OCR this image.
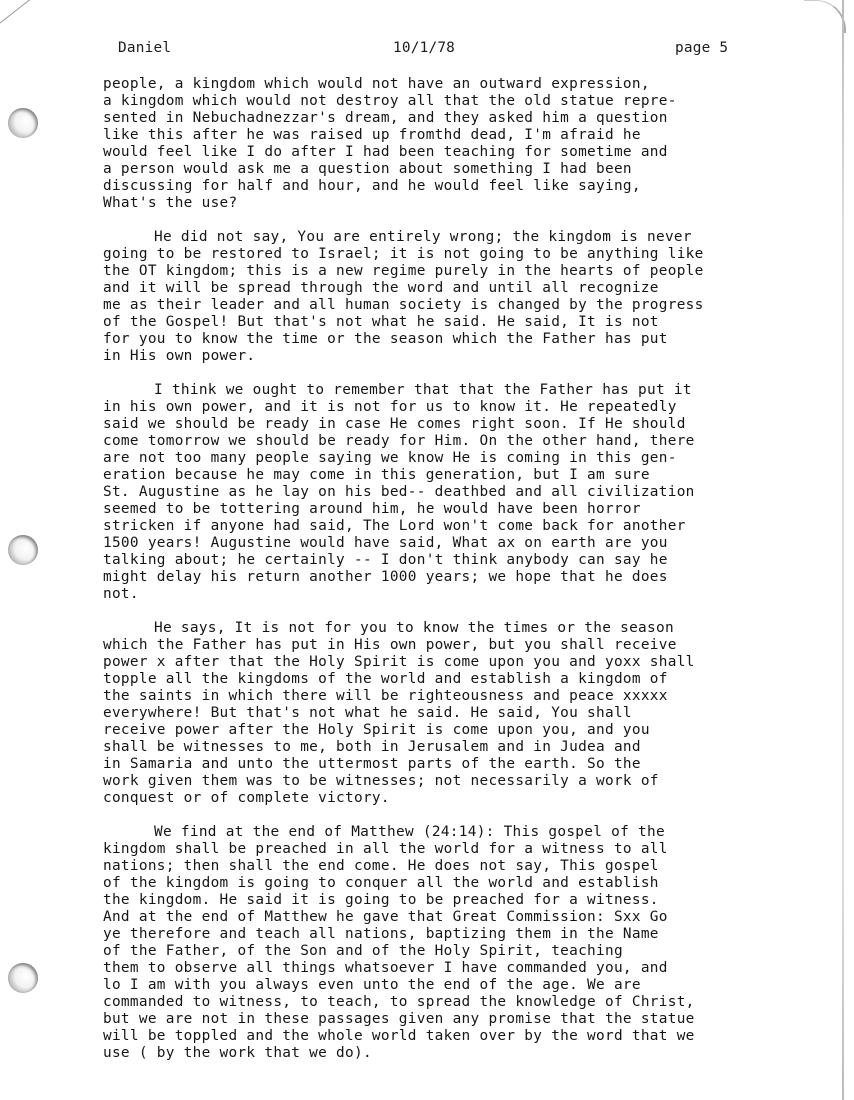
Daniel	10/1/78	page 5
people, a kingdom which would not have an outward expression,
a kingdom which would not destroy all that the old statue repre-
sented in Nebuchadnezzar's dream, and they asked him a question
like this after he was raised up fromthd dead, I'm afraid he
would feel like I do after I had been teaching for sometime and
a person would ask me a question about something I had been
discussing for half and hour, and he would feel like saying,
What's the use?
He did not say, You are entirely wrong; the kingdom is never
going to be restored to Israel; it is not going to be anything like
the OT kingdom; this is a new regime purely in the hearts of people
and it will be spread through the word and until all recognize
me as their leader and all human society is changed by the progress
of the Gospel! But that's not what he said. He said, It is not
for you to know the time or the season which the Father has put
in His own power.
I think we ought to remember that that the Father has put it
in his own power, and it is not for us to know it. He repeatedly
said we should be ready in case He comes right soon. If He should
come tomorrow we should be ready for Him. On the other hand, there
are not too many people saying we know He is coming in this gen-
eration because he may come in this generation, but I am sure
St. Augustine as he lay on his bed-- deathbed and all civilization
seemed to be tottering around him, he would have been horror
stricken if anyone had said, The Lord won't come back for another
1500 years! Augustine would have said, What ax on earth are you
talking about; he certainly -- I don't think anybody can say he
might delay his return another 1000 years; we hope that he does
not.
He says, It is not for you to know the times or the season
which the Father has put in His own power, but you shall receive
power x after that the Holy Spirit is come upon you and yoxx shall
topple all the kingdoms of the world and establish a kingdom of
the saints in which there will be righteousness and peace xxxxx
everywhere! But that's not what he said. He said, You shall
receive power after the Holy Spirit is come upon you, and you
shall be witnesses to me, both in Jerusalem and in Judea and
in Samaria and unto the uttermost parts of the earth. So the
work given them was to be witnesses; not necessarily a work of
conquest or of complete victory.
We find at the end of Matthew (24:14): This gospel of the
kingdom shall be preached in all the world for a witness to all
nations; then shall the end come. He does not say, This gospel
of the kingdom is going to conquer all the world and establish
the kingdom. He said it is going to be preached for a witness.
And at the end of Matthew he gave that Great Commission: Sxx Go
ye therefore and teach all nations, baptizing them in the Name
of the Father, of the Son and of the Holy Spirit, teaching
them to observe all things whatsoever I have commanded you, and
lo I am with you always even unto the end of the age. We are
commanded to witness, to teach, to spread the knowledge of Christ,
but we are not in these passages given any promise that the statue
will be toppled and the whole world taken over by the word that we
use ( by the work that we do).
